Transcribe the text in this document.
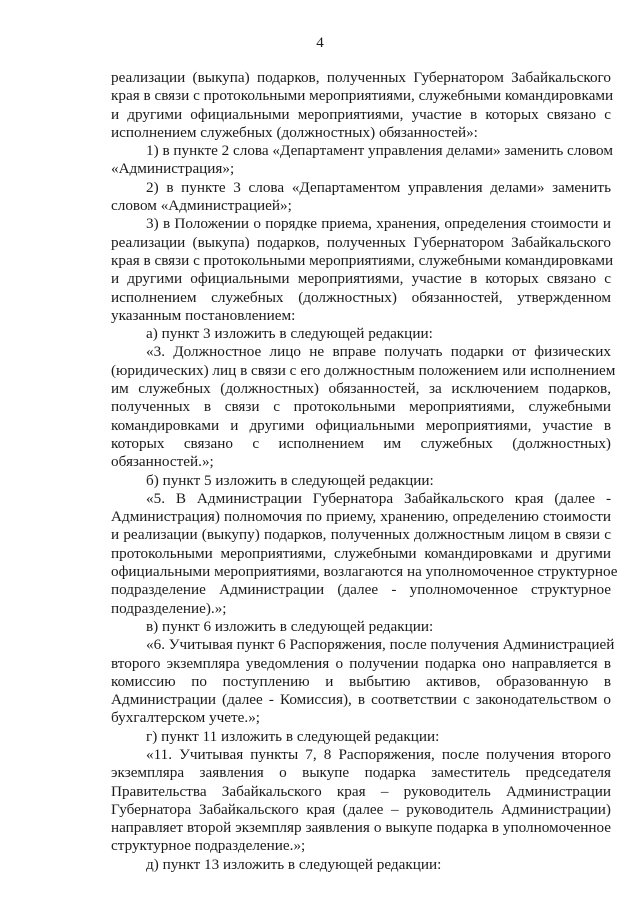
4
реализации (выкупа) подарков, полученных Губернатором Забайкальского
края в связи с протокольными мероприятиями, служебными командировками
и другими официальными мероприятиями, участие в которых связано с
исполнением служебных (должностных) обязанностей»:
1) в пункте 2 слова «Департамент управления делами» заменить словом
«Администрация»;
2) в пункте 3 слова «Департаментом управления делами» заменить
словом «Администрацией»;
3) в Положении о порядке приема, хранения, определения стоимости и
реализации (выкупа) подарков, полученных Губернатором Забайкальского
края в связи с протокольными мероприятиями, служебными командировками
и другими официальными мероприятиями, участие в которых связано с
исполнением служебных (должностных) обязанностей, утвержденном
указанным постановлением:
а) пункт 3 изложить в следующей редакции:
«3. Должностное лицо не вправе получать подарки от физических
(юридических) лиц в связи с его должностным положением или исполнением
им служебных (должностных) обязанностей, за исключением подарков,
полученных в связи с протокольными мероприятиями, служебными
командировками и другими официальными мероприятиями, участие в
которых связано с исполнением им служебных (должностных)
обязанностей.»;
б) пункт 5 изложить в следующей редакции:
«5. В Администрации Губернатора Забайкальского края (далее -
Администрация) полномочия по приему, хранению, определению стоимости
и реализации (выкупу) подарков, полученных должностным лицом в связи с
протокольными мероприятиями, служебными командировками и другими
официальными мероприятиями, возлагаются на уполномоченное структурное
подразделение Администрации (далее - уполномоченное структурное
подразделение).»;
в) пункт 6 изложить в следующей редакции:
«6. Учитывая пункт 6 Распоряжения, после получения Администрацией
второго экземпляра уведомления о получении подарка оно направляется в
комиссию по поступлению и выбытию активов, образованную в
Администрации (далее - Комиссия), в соответствии с законодательством о
бухгалтерском учете.»;
г) пункт 11 изложить в следующей редакции:
«11. Учитывая пункты 7, 8 Распоряжения, после получения второго
экземпляра заявления о выкупе подарка заместитель председателя
Правительства Забайкальского края – руководитель Администрации
Губернатора Забайкальского края (далее – руководитель Администрации)
направляет второй экземпляр заявления о выкупе подарка в уполномоченное
структурное подразделение.»;
д) пункт 13 изложить в следующей редакции:
